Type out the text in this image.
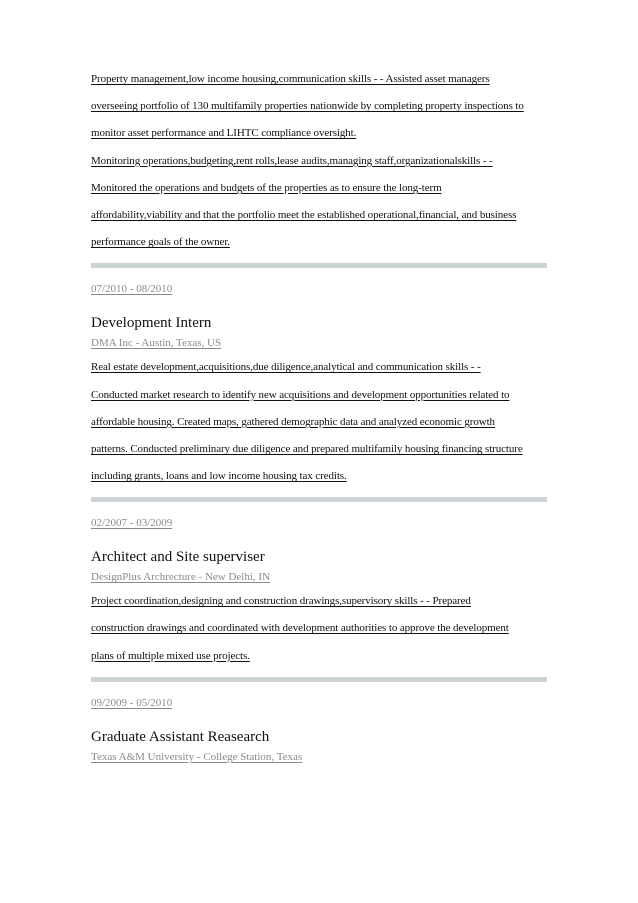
Property management,low income housing,communication skills - - Assisted asset managers
overseeing portfolio of 130 multifamily properties nationwide by completing property inspections to
monitor asset performance and LIHTC compliance oversight.
Monitoring operations,budgeting,rent rolls,lease audits,managing staff,organizationalskills - -
Monitored the operations and budgets of the properties as to ensure the long-term
affordability,viability and that the portfolio meet the established operational,financial, and business
performance goals of the owner.
07/2010 - 08/2010
Development Intern
DMA Inc - Austin, Texas, US
Real estate development,acquisitions,due diligence,analytical and communication skills - -
Conducted market research to identify new acquisitions and development opportunities related to
affordable housing. Created maps, gathered demographic data and analyzed economic growth
patterns. Conducted preliminary due diligence and prepared multifamily housing financing structure
including grants, loans and low income housing tax credits.
02/2007 - 03/2009
Architect and Site superviser
DesignPlus Archrecture - New Delhi, IN
Project coordination,designing and construction drawings,supervisory skills - - Prepared
construction drawings and coordinated with development authorities to approve the development
plans of multiple mixed use projects.
09/2009 - 05/2010
Graduate Assistant Reasearch
Texas A&M University - College Station, Texas
